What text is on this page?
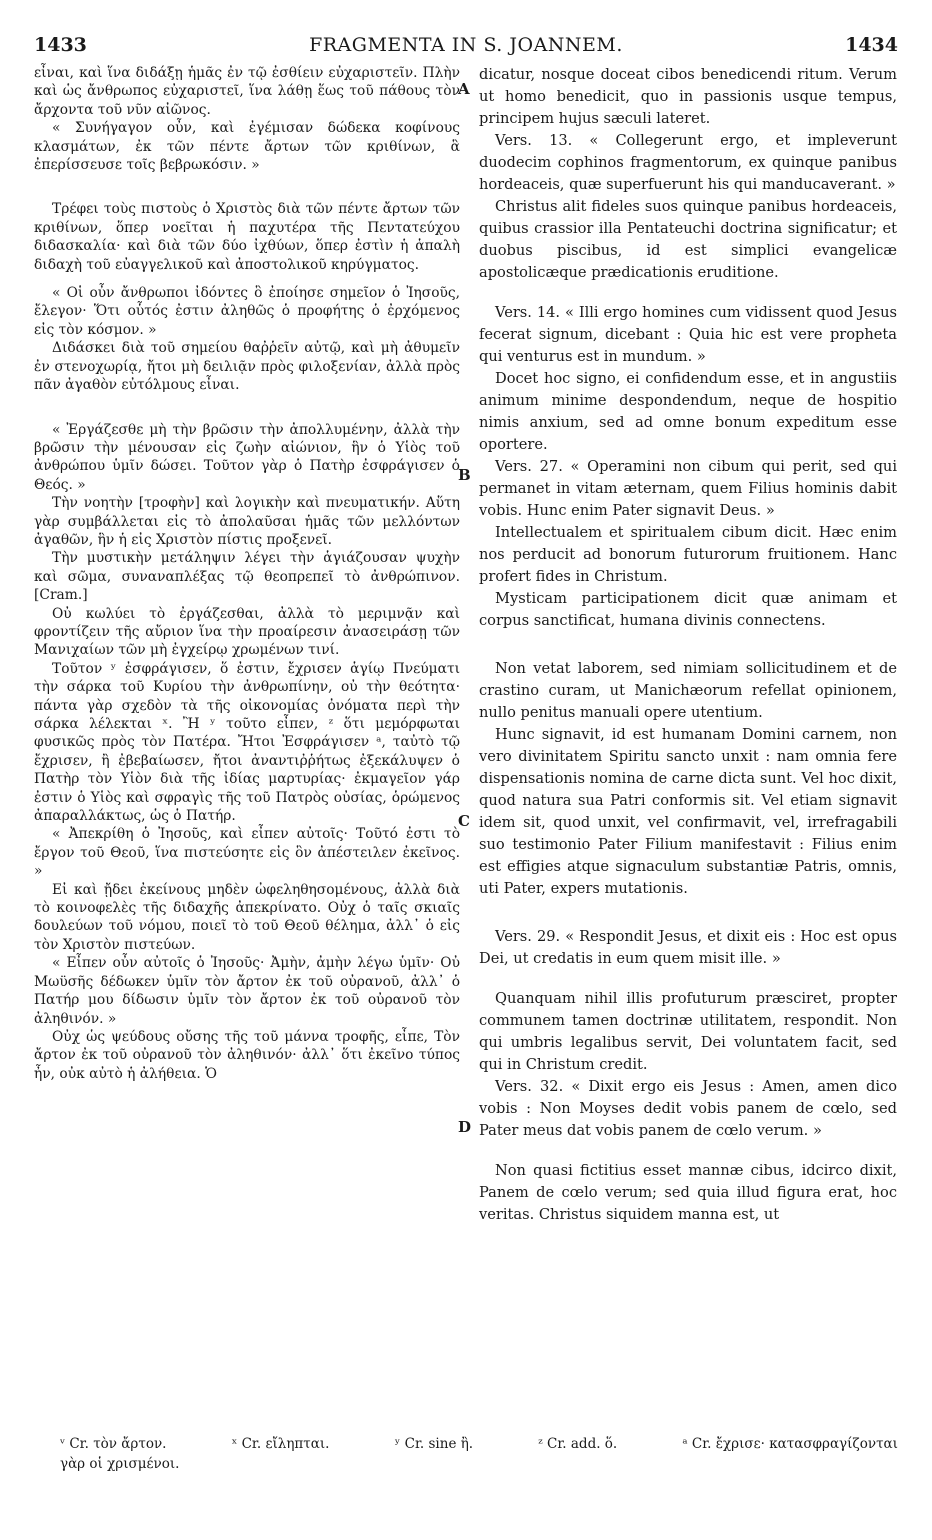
1433	FRAGMENTA IN S. JOANNEM.	1434

εἶναι, καὶ ἵνα διδάξῃ ἡμᾶς ἐν τῷ ἐσθίειν εὐχαριστεῖν. Πλὴν καὶ ὡς ἄνθρωπος εὐχαριστεῖ, ἵνα λάθῃ ἕως τοῦ πάθους τὸν ἄρχοντα τοῦ νῦν αἰῶνος.

« Συνήγαγον οὖν, καὶ ἐγέμισαν δώδεκα κοφίνους κλασμάτων, ἐκ τῶν πέντε ἄρτων τῶν κριθίνων, ἃ ἐπερίσσευσε τοῖς βεβρωκόσιν. »

Τρέφει τοὺς πιστοὺς ὁ Χριστὸς διὰ τῶν πέντε ἄρτων τῶν κριθίνων, ὅπερ νοεῖται ἡ παχυτέρα τῆς Πεντατεύχου διδασκαλία· καὶ διὰ τῶν δύο ἰχθύων, ὅπερ ἐστὶν ἡ ἁπαλὴ διδαχὴ τοῦ εὐαγγελικοῦ καὶ ἀποστολικοῦ κηρύγματος.

« Οἱ οὖν ἄνθρωποι ἰδόντες ὃ ἐποίησε σημεῖον ὁ Ἰησοῦς, ἔλεγον· Ὅτι οὗτός ἐστιν ἀληθῶς ὁ προφήτης ὁ ἐρχόμενος εἰς τὸν κόσμον. »

Διδάσκει διὰ τοῦ σημείου θαῤῥεῖν αὐτῷ, καὶ μὴ ἀθυμεῖν ἐν στενοχωρίᾳ, ἤτοι μὴ δειλιᾷν πρὸς φιλοξενίαν, ἀλλὰ πρὸς πᾶν ἀγαθὸν εὐτόλμους εἶναι.

« Ἐργάζεσθε μὴ τὴν βρῶσιν τὴν ἀπολλυμένην, ἀλλὰ τὴν βρῶσιν τὴν μένουσαν εἰς ζωὴν αἰώνιον, ἣν ὁ Υἱὸς τοῦ ἀνθρώπου ὑμῖν δώσει. Τοῦτον γὰρ ὁ Πατὴρ ἐσφράγισεν ὁ Θεός. »

Τὴν νοητὴν [τροφὴν] καὶ λογικὴν καὶ πνευματικήν. Αὕτη γὰρ συμβάλλεται εἰς τὸ ἀπολαῦσαι ἡμᾶς τῶν μελλόντων ἀγαθῶν, ἣν ἡ εἰς Χριστὸν πίστις προξενεῖ.

Τὴν μυστικὴν μετάληψιν λέγει τὴν ἁγιάζουσαν ψυχὴν καὶ σῶμα, συναναπλέξας τῷ θεοπρεπεῖ τὸ ἀνθρώπινον. [Cram.]

Οὐ κωλύει τὸ ἐργάζεσθαι, ἀλλὰ τὸ μεριμνᾷν καὶ φροντίζειν τῆς αὔριον ἵνα τὴν προαίρεσιν ἀνασειράσῃ τῶν Μανιχαίων τῶν μὴ ἐγχείρῳ χρωμένων τινί.

Τοῦτον ʸ ἐσφράγισεν, ὅ ἐστιν, ἔχρισεν ἁγίῳ Πνεύματι τὴν σάρκα τοῦ Κυρίου τὴν ἀνθρωπίνην, οὐ τὴν θεότητα· πάντα γὰρ σχεδὸν τὰ τῆς οἰκονομίας ὀνόματα περὶ τὴν σάρκα λέλεκται ˣ. Ἢ ʸ τοῦτο εἶπεν, ᶻ ὅτι μεμόρφωται φυσικῶς πρὸς τὸν Πατέρα. Ἤτοι Ἐσφράγισεν ᵃ, ταὐτὸ τῷ ἔχρισεν, ἢ ἐβεβαίωσεν, ἤτοι ἀναντιῤῥήτως ἐξεκάλυψεν ὁ Πατὴρ τὸν Υἱὸν διὰ τῆς ἰδίας μαρτυρίας· ἐκμαγεῖον γάρ ἐστιν ὁ Υἱὸς καὶ σφραγὶς τῆς τοῦ Πατρὸς οὐσίας, ὁρώμενος ἀπαραλλάκτως, ὡς ὁ Πατήρ.

« Ἀπεκρίθη ὁ Ἰησοῦς, καὶ εἶπεν αὐτοῖς· Τοῦτό ἐστι τὸ ἔργον τοῦ Θεοῦ, ἵνα πιστεύσητε εἰς ὃν ἀπέστειλεν ἐκεῖνος. »

Εἰ καὶ ᾔδει ἐκείνους μηδὲν ὠφεληθησομένους, ἀλλὰ διὰ τὸ κοινοφελὲς τῆς διδαχῆς ἀπεκρίνατο. Οὐχ ὁ ταῖς σκιαῖς δουλεύων τοῦ νόμου, ποιεῖ τὸ τοῦ Θεοῦ θέλημα, ἀλλ᾽ ὁ εἰς τὸν Χριστὸν πιστεύων.

« Εἶπεν οὖν αὐτοῖς ὁ Ἰησοῦς· Ἀμὴν, ἀμὴν λέγω ὑμῖν· Οὐ Μωϋσῆς δέδωκεν ὑμῖν τὸν ἄρτον ἐκ τοῦ οὐρανοῦ, ἀλλ᾽ ὁ Πατήρ μου δίδωσιν ὑμῖν τὸν ἄρτον ἐκ τοῦ οὐρανοῦ τὸν ἀληθινόν. »

Οὐχ ὡς ψεύδους οὔσης τῆς τοῦ μάννα τροφῆς, εἶπε, Τὸν ἄρτον ἐκ τοῦ οὐρανοῦ τὸν ἀληθινόν· ἀλλ᾽ ὅτι ἐκεῖνο τύπος ἦν, οὐκ αὐτὸ ἡ ἀλήθεια. Ὁ

A
B
C
D

dicatur, nosque doceat cibos benedicendi ritum. Verum ut homo benedicit, quo in passionis usque tempus, principem hujus sæculi lateret.

Vers. 13. « Collegerunt ergo, et impleverunt duodecim cophinos fragmentorum, ex quinque panibus hordeaceis, quæ superfuerunt his qui manducaverant. »

Christus alit fideles suos quinque panibus hordeaceis, quibus crassior illa Pentateuchi doctrina significatur; et duobus piscibus, id est simplici evangelicæ apostolicæque prædicationis eruditione.

Vers. 14. « Illi ergo homines cum vidissent quod Jesus fecerat signum, dicebant : Quia hic est vere propheta qui venturus est in mundum. »

Docet hoc signo, ei confidendum esse, et in angustiis animum minime despondendum, neque de hospitio nimis anxium, sed ad omne bonum expeditum esse oportere.

Vers. 27. « Operamini non cibum qui perit, sed qui permanet in vitam æternam, quem Filius hominis dabit vobis. Hunc enim Pater signavit Deus. »

Intellectualem et spiritualem cibum dicit. Hæc enim nos perducit ad bonorum futurorum fruitionem. Hanc profert fides in Christum.

Mysticam participationem dicit quæ animam et corpus sanctificat, humana divinis connectens.

Non vetat laborem, sed nimiam sollicitudinem et de crastino curam, ut Manichæorum refellat opinionem, nullo penitus manuali opere utentium.

Hunc signavit, id est humanam Domini carnem, non vero divinitatem Spiritu sancto unxit : nam omnia fere dispensationis nomina de carne dicta sunt. Vel hoc dixit, quod natura sua Patri conformis sit. Vel etiam signavit idem sit, quod unxit, vel confirmavit, vel, irrefragabili suo testimonio Pater Filium manifestavit : Filius enim est effigies atque signaculum substantiæ Patris, omnis, uti Pater, expers mutationis.

Vers. 29. « Respondit Jesus, et dixit eis : Hoc est opus Dei, ut credatis in eum quem misit ille. »

Quanquam nihil illis profuturum præsciret, propter communem tamen doctrinæ utilitatem, respondit. Non qui umbris legalibus servit, Dei voluntatem facit, sed qui in Christum credit.

Vers. 32. « Dixit ergo eis Jesus : Amen, amen dico vobis : Non Moyses dedit vobis panem de cœlo, sed Pater meus dat vobis panem de cœlo verum. »

Non quasi fictitius esset mannæ cibus, idcirco dixit, Panem de cœlo verum; sed quia illud figura erat, hoc veritas. Christus siquidem manna est, ut

ᵛ Cr. τὸν ἄρτον.	ˣ Cr. εἴληπται.	ʸ Cr. sine ἢ.	ᶻ Cr. add. ὅ.	ᵃ Cr. ἔχρισε· κατασφραγίζονται
γὰρ οἱ χρισμένοι.
